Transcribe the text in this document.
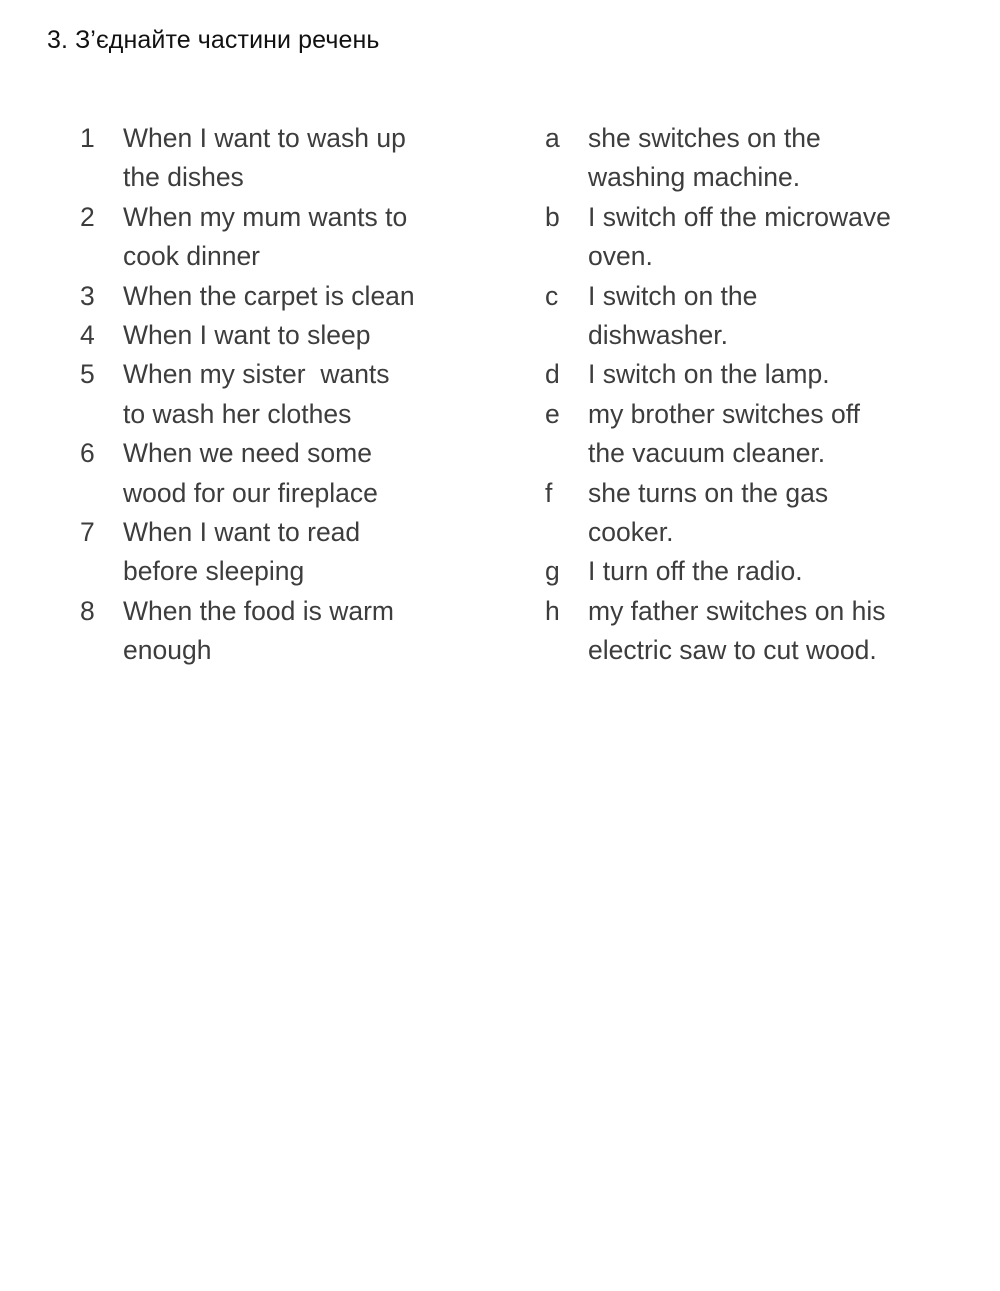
3. З’єднайте частини речень
1	When I want to wash up
the dishes
2	When my mum wants to
cook dinner
3	When the carpet is clean
4	When I want to sleep
5	When my sister  wants
to wash her clothes
6	When we need some
wood for our fireplace
7	When I want to read
before sleeping
8	When the food is warm
enough
a	she switches on the
washing machine.
b	I switch off the microwave
oven.
c	I switch on the
dishwasher.
d	I switch on the lamp.
e	my brother switches off
the vacuum cleaner.
f	she turns on the gas
cooker.
g	I turn off the radio.
h	my father switches on his
electric saw to cut wood.
